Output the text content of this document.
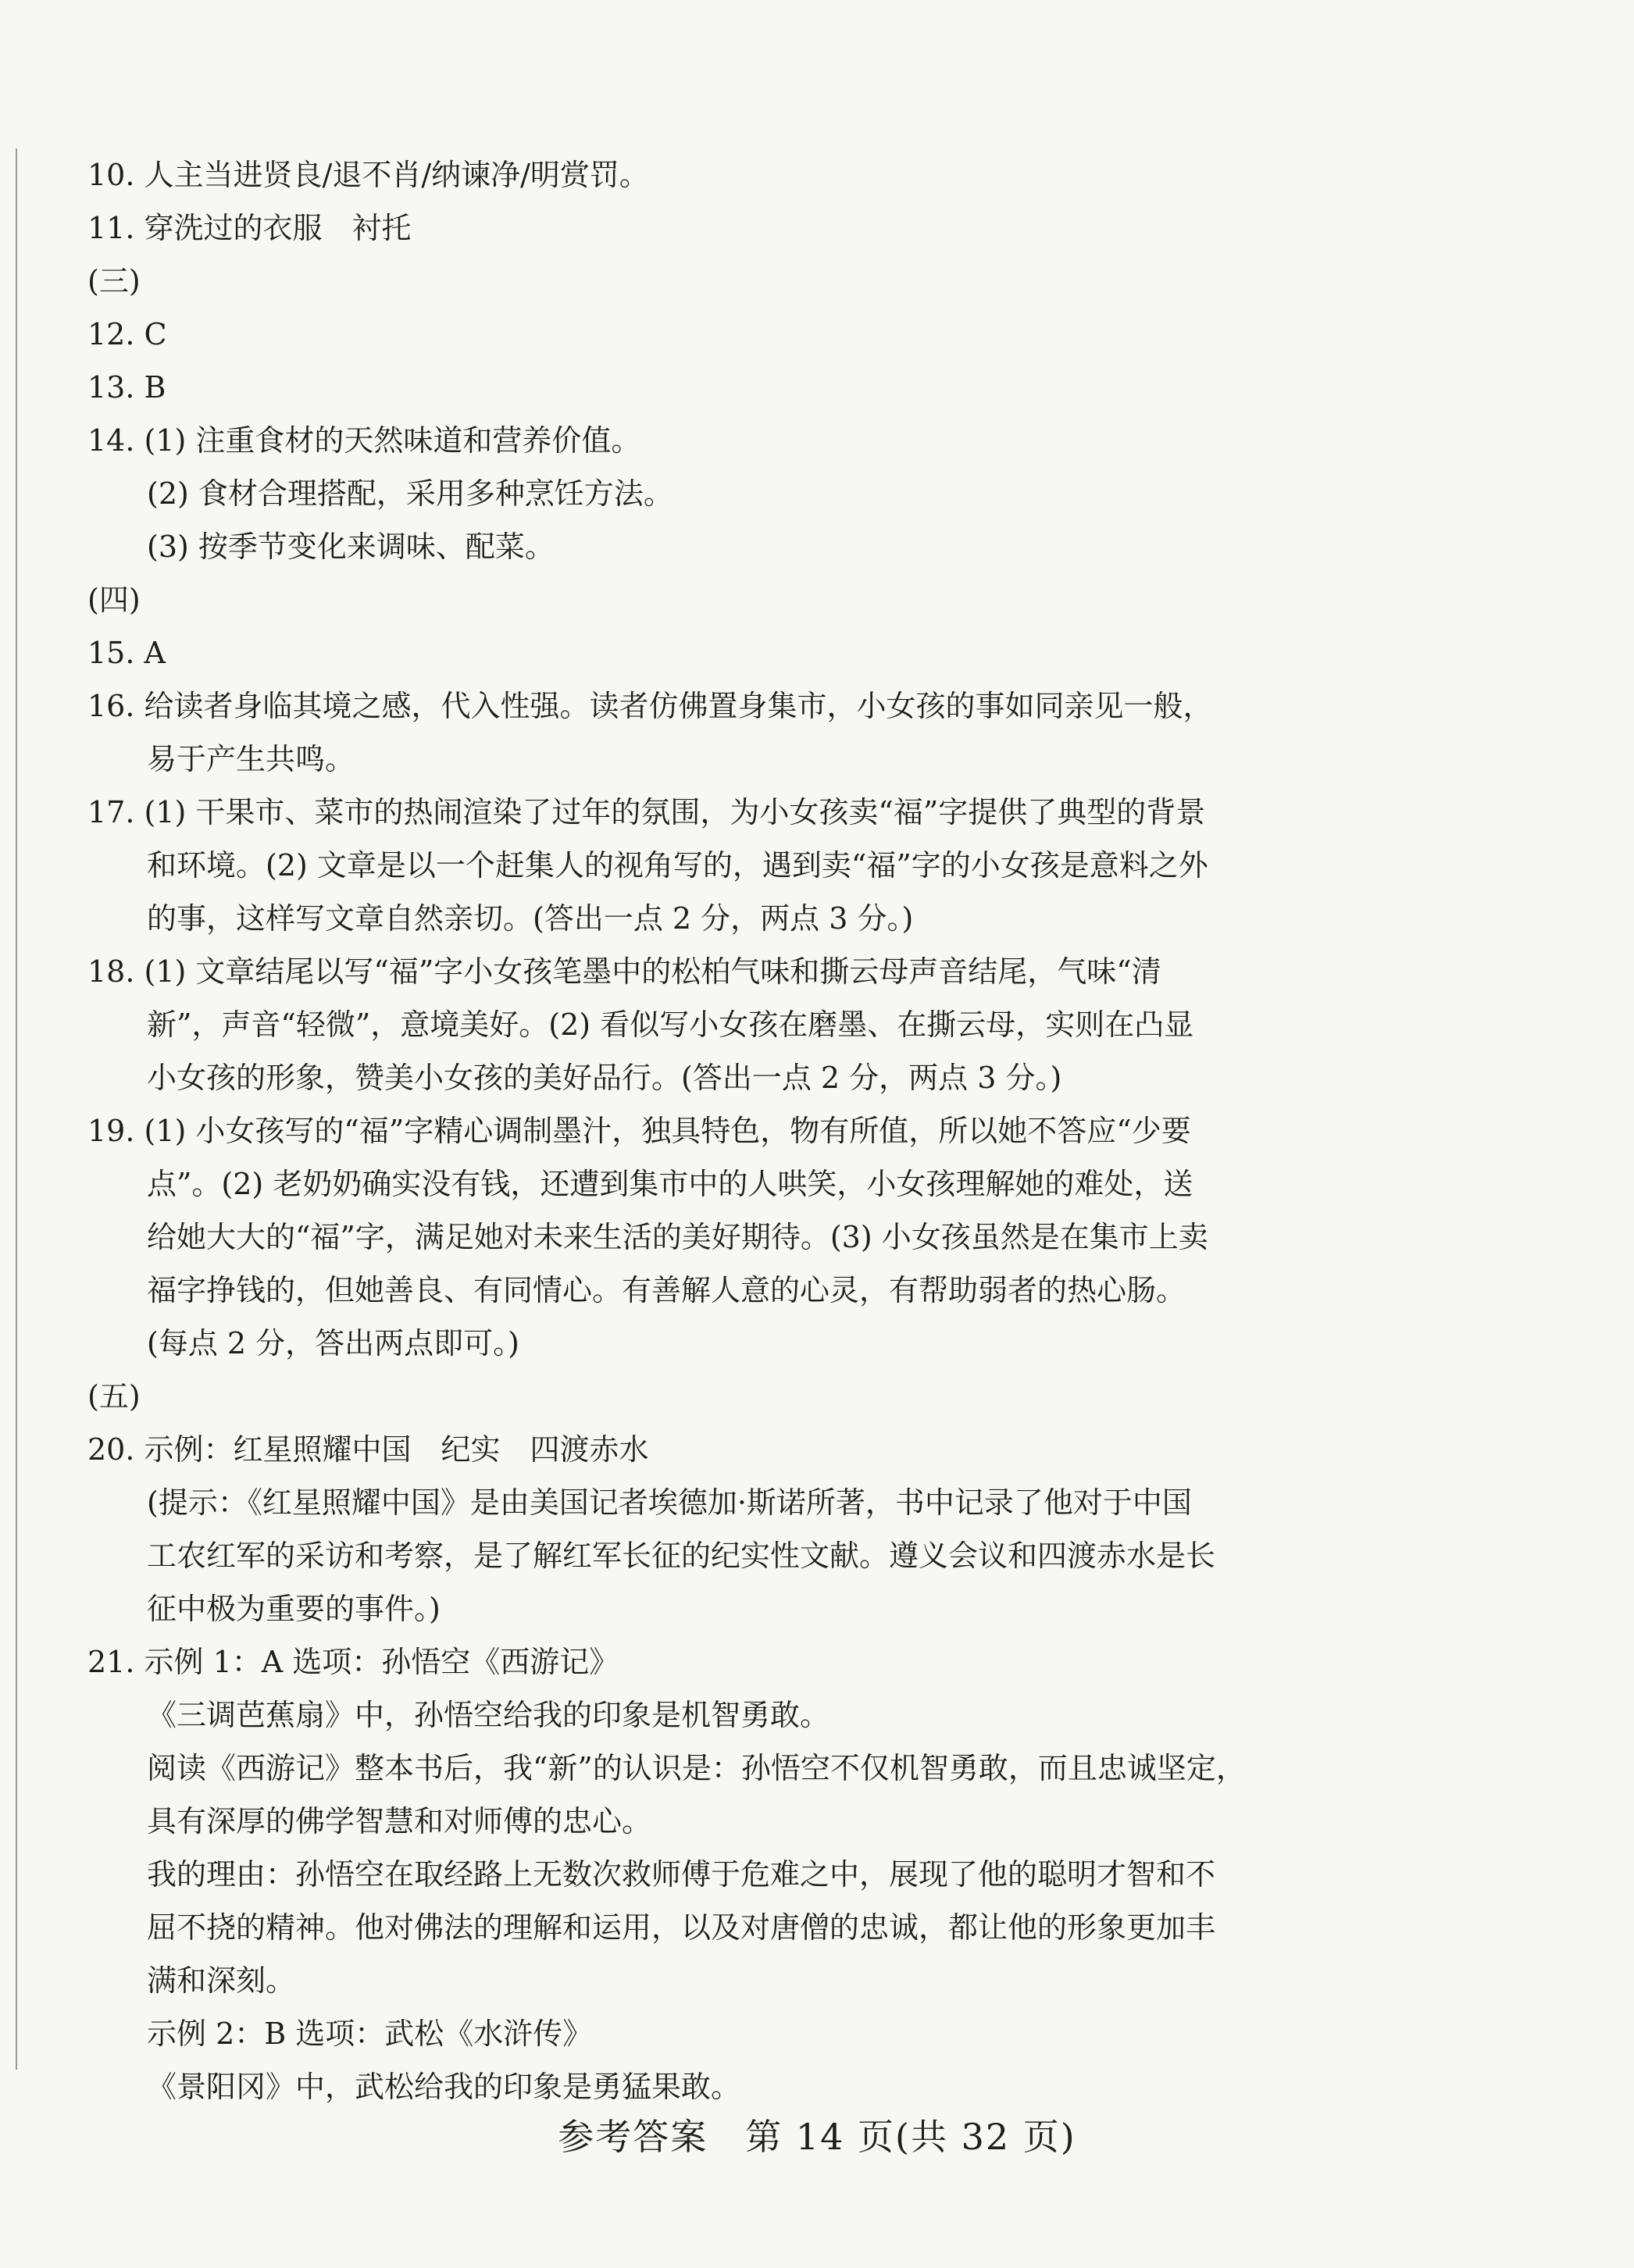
10. 人主当进贤良/退不肖/纳谏净/明赏罚。
11. 穿洗过的衣服　衬托
(三)
12. C
13. B
14. (1) 注重食材的天然味道和营养价值。
(2) 食材合理搭配，采用多种烹饪方法。
(3) 按季节变化来调味、配菜。
(四)
15. A
16. 给读者身临其境之感，代入性强。读者仿佛置身集市，小女孩的事如同亲见一般，
易于产生共鸣。
17. (1) 干果市、菜市的热闹渲染了过年的氛围，为小女孩卖“福”字提供了典型的背景
和环境。(2) 文章是以一个赶集人的视角写的，遇到卖“福”字的小女孩是意料之外
的事，这样写文章自然亲切。(答出一点 2 分，两点 3 分。)
18. (1) 文章结尾以写“福”字小女孩笔墨中的松柏气味和撕云母声音结尾，气味“清
新”，声音“轻微”，意境美好。(2) 看似写小女孩在磨墨、在撕云母，实则在凸显
小女孩的形象，赞美小女孩的美好品行。(答出一点 2 分，两点 3 分。)
19. (1) 小女孩写的“福”字精心调制墨汁，独具特色，物有所值，所以她不答应“少要
点”。(2) 老奶奶确实没有钱，还遭到集市中的人哄笑，小女孩理解她的难处，送
给她大大的“福”字，满足她对未来生活的美好期待。(3) 小女孩虽然是在集市上卖
福字挣钱的，但她善良、有同情心。有善解人意的心灵，有帮助弱者的热心肠。
(每点 2 分，答出两点即可。)
(五)
20. 示例：红星照耀中国　纪实　四渡赤水
(提示：《红星照耀中国》是由美国记者埃德加·斯诺所著，书中记录了他对于中国
工农红军的采访和考察，是了解红军长征的纪实性文献。遵义会议和四渡赤水是长
征中极为重要的事件。)
21. 示例 1：A 选项：孙悟空《西游记》
《三调芭蕉扇》中，孙悟空给我的印象是机智勇敢。
阅读《西游记》整本书后，我“新”的认识是：孙悟空不仅机智勇敢，而且忠诚坚定，
具有深厚的佛学智慧和对师傅的忠心。
我的理由：孙悟空在取经路上无数次救师傅于危难之中，展现了他的聪明才智和不
屈不挠的精神。他对佛法的理解和运用，以及对唐僧的忠诚，都让他的形象更加丰
满和深刻。
示例 2：B 选项：武松《水浒传》
《景阳冈》中，武松给我的印象是勇猛果敢。
参考答案　第 14 页(共 32 页)
